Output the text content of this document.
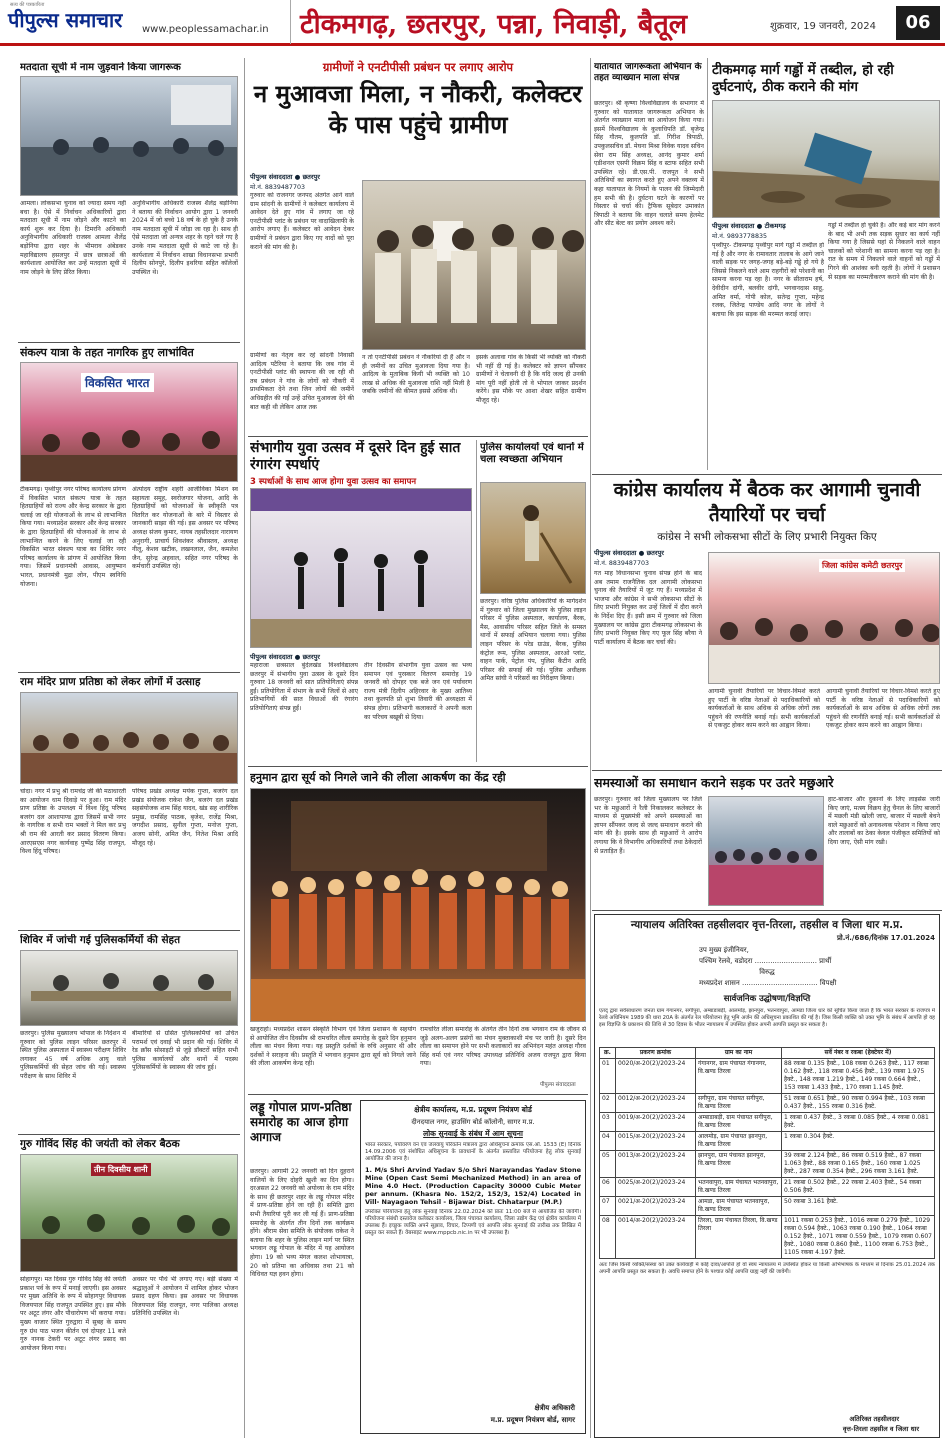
पीपुल्स समाचार
सत्य की पत्रकारिता
www.peoplessamachar.in टीकमगढ़, छतरपुर, पन्ना, निवाड़ी, बैतूल	शुक्रवार, 19 जनवरी, 2024	06
मतदाता सूची में नाम जुड़वाने किया जागरूक
आमला। लोकसभा चुनाव को ज्यादा समय नहीं बचा है। ऐसे में निर्वाचन अधिकारियों द्वारा मतदाता सूची में नाम जोड़ने और काटने का कार्य शुरू कर दिया है। टिमरनि अधिकारी अनुविभागीय अधिकारी राजस्व आमला शैलेंद्र बड़ोनिया द्वारा शहर के भीमराव अंबेडकर महाविद्यालय हसलपुर में छात्र छात्राओं की कार्यशाला आयोजित कर उन्हें मतदाता सूची में नाम जोड़ने के लिए प्रेरित किया।
अनुविभागीय अधिकारी राजस्व शैलेंद्र बड़ोनिया ने बताया की निर्वाचन आयोग द्वारा 1 जनवरी 2024 में जो बच्चे 18 वर्ष के हो चुके है उनके नाम मतदाता सूची में जोड़ा जा रहा है। साथ ही ऐसे मतदाता जो अन्यत्र शहर के रहने चले गए है उनके नाम मतदाता सूची से काटे जा रहे है। कार्यशाला में निर्वाचन शाखा विधानसभा प्रभारी दिलीप सोनपुरे, दिलीप इथरिया सहित कॉलेजों उपस्थित थे।
संकल्प यात्रा के तहत नागरिक हुए लाभांवित
विकसित भारत
टीकमगढ़। पृथ्वीपुर नगर परिषद कार्यालय प्रांगण में विकसित भारत संकल्प यात्रा के तहत हितग्राहियों को राज्य और केन्द्र सरकार के द्वारा चलाई जा रही योजनाओं के लाभ से लाभान्वित किया गया। मध्यप्रदेश सरकार और केन्द्र सरकार के द्वारा हितग्राहियों की योजनाओं के लाभ से लाभान्वित करने के लिए चलाई जा रही विकसित भारत संकल्प यात्रा का शिविर नगर परिषद कार्यालय के प्रांगण में आयोजित किया गया। जिसमें प्रधानमंत्री आवास, आयुष्मान भारत, प्रधानमंत्री मुद्रा लोन, पीएम स्वनिधि योजना।
अंत्योदय राष्ट्रीय शहरी आजीविका मिशन स्व सहायता समूह, स्वरोजगार योजना, आदि के हितग्राहियों को योजनाओं के स्वीकृति पत्र वितरित कर योजनाओं के बारे में विस्तार से जानकारी साझा की गई। इस अवसर पर परिषद अध्यक्ष संजय कुमार, नायब तहसीलदार नारायण अनुरागी, प्राचार्य शिवशंकर श्रीवास्तव, अध्यक्ष नीलू, केशव खटीक, लखनलाल, जैन, कमलेश जैन, सुरेन्द्र अहवाल, सहित नगर परिषद के कर्मचारी उपस्थित रहे।
राम मंदिर प्राण प्रतिष्ठा को लेकर लोगों में उत्साह
चांदा। नगर में प्रभु श्री रामचंद्र जी की मठाधारती का आयोजन धाम दिवाड़े पर हुआ। राम मंदिर प्राण प्रतिष्ठा के उपलक्ष्य में विश्व हिंदू परिषद बजरंग दल आशापाण्ड द्वारा जिसमें सभी नगर के नागरिक व सभी राम भक्तों ने मिल कर प्रभु श्री राम की आरती कर प्रसाद वितरण किया। आरएसएस नगर कार्यवाह पुष्पेंद्र सिंह राजपूत, विश्व हिंदू परिषद।
परिषद प्रखंड अध्यक्ष मयंक गुप्ता, बजरंग दल प्रखंड संयोजक राकेश जैन, बजरंग दल प्रखंड सहसंयोजक शाम सिंह यादव, खंड सह शारीरिक प्रमुख, रामसिंह पाठक, बृजेश, राजेंद्र मिश्रा, जगदीश प्रसाद, सुनील गुप्ता, मनोज गुप्ता, अजय सोनी, अमित जैन, नितेश मिश्रा आदि मौजूद रहे।
शिविर में जांची गई पुलिसकर्मियों की सेहत
छतरपुर। पुलिस मुख्यालय भोपाल के निर्देशन में गुरुवार को पुलिस लाइन परिसर छतरपुर में स्थित पुलिस अस्पताल में स्वास्थ्य परीक्षण शिविर लगाकर 45 वर्ष अधिक आयु वाले पुलिसकर्मियों की सेहत जांच की गई। स्वास्थ्य परीक्षण के साथ शिविर में
बीमारियों से ग्रसित पुलिसकर्मियों को उचित परामर्श एवं दवाई भी प्रदान की गई। शिविर में रेड क्रॉस सोसाइटी से जुड़े डॉक्टरों सहित सभी पुलिस कार्यालयों और थानों में पदस्थ पुलिसकर्मियों के स्वास्थ्य की जांच हुई।
गुरु गोविंद सिंह की जयंती को लेकर बैठक
तीन दिवसीय शानी
सोहागपुर। मत दिवस गुरु गोविंद सिंह की जयंती प्रकाश पर्व के रूप में मनाई जाएगी। इस अवसर पर मुख्य अतिथि के रूप में सोहागपुर विधायक विजयपाल सिंह राजपूत उपस्थित हुए। इस मौके पर अटूट लंगर और पौधारोपण भी कराया गया। मुख्य वाजार स्थित गुरुद्वारा में सुबह के समय गुरु ग्रंथ पाठ भजन कीर्तन एवं दोपहर 11 बजे गुरु नानक टेकरी पर अटूट लंगर प्रसाद का आयोजन किया गया।
अवसर पर पौधे भी लगाए गए। बड़ी संख्या में श्रद्धालुओं ने आयोजन में शामिल होकर भोजन प्रसाद ग्रहण किया। इस अवसर पर विधायक विजयपाल सिंह राजपूत, नगर पालिका अध्यक्ष प्रतिनिधि उपस्थित थे।
ग्रामीणों ने एनटीपीसी प्रबंधन पर लगाए आरोप
न मुआवजा मिला, न नौकरी, कलेक्टर के पास पहुंचे ग्रामीण
पीपुल्स संवाददाता ● छतरपुर
मो.नं. 8839487703
गुरुवार को राजनगर जनपद अंतर्गत आने वाले ग्राम सांदनी के ग्रामीणों ने कलेक्टर कार्यालय में आवेदन देते हुए गांव में लगाए जा रहे एनटीपीसी प्लांट के प्रबंधन पर वादाखिलाफी के आरोप लगाए हैं। कलेक्टर को आवेदन देकर ग्रामीणों ने प्रबंधन द्वारा किए गए वादों को पूरा कराने की मांग की है।
न तो एनटीपीसी प्रबंधन ने नौकरियां दी हैं और न ही जमीनों का उचित मुआवजा दिया गया है। आदित्य के मुताबिक कियी भी व्यक्ति को 10 लाख से अधिक की मुआवजा राशि नहीं मिली है जबकि जमीनों की कीमत इससे अधिक थी।
इसके अलावा गांव के किसी भी व्यक्ति को नौकरी भी नहीं दी गई है। कलेक्टर को ज्ञापन सौंपकर ग्रामीणों ने चेतावनी दी है कि यदि जल्द ही उनकी मांग पूरी नहीं होती तो वे भोपाल जाकर प्रदर्शन करेंगे। इस मौके पर आशा शेखर सहित ग्रामीण मौजूद रहे।
ग्रामीणों का नेतृत्व कर रहे सांदनी निवासी आदित्य पटैरिया ने बताया कि जब गांव में एनटीपीसी प्लांट की स्थापना की जा रही थी तब प्रबंधन ने गांव के लोगों को नौकरी में प्राथमिकता देने तथा जिन लोगों की जमीनें अधिग्रहीत की गईं उन्हें उचित मुआवजा देने की बात कही थी लेकिन आज तक
संभागीय युवा उत्सव में दूसरे दिन हुई सात रंगारंग स्पर्धाएं
3 स्पर्धाओं के साथ आज होगा युवा उत्सव का समापन
पीपुल्स संवाददाता ● छतरपुर
महाराजा छत्रसाल बुंदेलखंड विश्वविद्यालय छतरपुर में संभागीय युवा उत्सव के दूसरे दिन गुरुवार 18 जनवरी को सात प्रतियोगिताएं संपन्न हुईं। प्रतियोगिता में संभाग के सभी जिलों से आए प्रतिभागियों की सात विधाओं की रंगारंग प्रतियोगिताएं संपन्न हुईं।
तीन दिवसीय संभागीय युवा उत्सव का भव्य समापन एवं पुरस्कार वितरण समारोह 19 जनवरी को दोपहर एक बजे जन एवं पर्यावरण राज्य मंत्री दिलीप अहिरवार के मुख्य आतिथ्य तथा कुलपति प्रो शुभा तिवारी की अध्यक्षता में संपन्न होगा। प्रतिभागी कलाकारों ने अपनी कला का परिचय बखूबी से दिया।
पुलिस कार्यालयों एवं थानों में चला स्वच्छता अभियान
छतरपुर। वरिष्ठ पुलिस अधिकारियों के मार्गदर्शन में गुरुवार को जिला मुख्यालय के पुलिस लाइन परिसर में पुलिस अस्पताल, कार्यालय, बैरक, मैस, आवासीय परिसर सहित जिले के समस्त थानों में सफाई अभियान चलाया गया। पुलिस लाइन परिसर के परेड ग्राउंड, बैरक, पुलिस कंट्रोल रूम, पुलिस अस्पताल, आरओ प्लांट, वाहन पार्क, पेट्रोल पंप, पुलिस कैंटीन आदि परिसर की सफाई की गई। पुलिस अधीक्षक अमित सांघी ने परिसरों का निरीक्षण किया।
हनुमान द्वारा सूर्य को निगले जाने की लीला आकर्षण का केंद्र रही
खजुराहो। मध्यप्रदेश शासन संस्कृति विभाग एवं जिला प्रशासन के सहयोग से आयोजित तीन दिवसीय श्री रामचरित लीला समारोह के दूसरे दिन हनुमान लीला का मंचन किया गया। यह प्रस्तुति दर्शकों के रुचि अनुसार थी और दर्शकों ने सराहना की। प्रस्तुति में भगवान हनुमान द्वारा सूर्य को निगले जाने की लीला आकर्षण केन्द्र रही।
रामचरित लीला समारोह के अंतर्गत तीन दिनों तक भगवान राम के जीवन से जुड़े अलग-अलग प्रसंगों का मंचन मुक्ताकाशी मंच पर जारी है। दूसरे दिन लीला का समापन होने पर सभी कलाकारों का अभिनंदन महंत अध्यक्ष गौरव सिंह वर्मा एवं नगर परिषद उपाध्यक्ष प्रतिनिधि अजय राजपूत द्वारा किया गया।
पीपुल्स संवाददाता
लड्डू गोपाल प्राण-प्रतिष्ठा समारोह का आज होगा आगाज
छतरपुर। आगामी 22 जनवरी को दिन दुहराने वालियों के लिए दोहरी खुशी का दिन होगा। दरअसल 22 जनवरी को अयोध्या के राम मंदिर के साथ ही छतरपुर शहर के लड्डू गोपाल मंदिर में प्राण-प्रतिष्ठा होने जा रही है। समिति द्वारा सभी तैयारियां पूरी कर ली गई हैं। प्राण-प्रतिष्ठा समारोह के अंतर्गत तीन दिनों तक कार्यक्रम होंगे। श्रीराम सेवा समिति के संयोजक राकेश ने बताया कि शहर के पुलिस लाइन मार्ग पर स्थित भगवान लड्डू गोपाल के मंदिर में यह आयोजन होगा। 19 को भव्य मंगल कलश शोभायात्रा, 20 को प्रतिमा का अधिवास तथा 21 को विधिवत यज्ञ हवन होगा।
क्षेत्रीय कार्यालय, म.प्र. प्रदूषण नियंत्रण बोर्ड
दीनदयाल नगर, हाउसिंग बोर्ड कॉलोनी, सागर म.प्र.
लोक सुनवाई के संबंध में आम सूचना
भारत सरकार, पर्यावरण वन एवं जलवायु परिवर्तन मंत्रालय द्वारा अधिसूचना क्रमांक एस.ओ. 1533 (E) दिनांक 14.09.2006 एवं संशोधित अधिसूचना के प्रावधानों के अंतर्गत प्रस्तावित परियोजना हेतु लोक सुनवाई आयोजित की जाना है।
1. M/s Shri Arvind Yadav S/o Shri Narayandas Yadav Stone Mine (Open Cast Semi Mechanized Method) in an area of Mine 4.0 Hect. (Production Capacity 30000 Cubic Meter per annum. (Khasra No. 152/2, 152/3, 152/4) Located in Vill- Nayagaon Tehsil - Bijawar Dist. Chhatarpur (M.P.)
उपरोक्त परियोजना हेतु लोक सुनवाई दिनांक 22.02.2024 को प्रातः 11:00 बजे से आयोजित की जावेगी। परियोजना संबंधी दस्तावेज कलेक्टर कार्यालय, जिला पंचायत कार्यालय, जिला उद्योग केंद्र एवं क्षेत्रीय कार्यालय में उपलब्ध हैं। इच्छुक व्यक्ति अपने सुझाव, विचार, टिप्पणी एवं आपत्ति लोक सुनवाई की तारीख तक लिखित में प्रस्तुत कर सकते हैं। वेबसाइट www.mppcb.nic.in पर भी उपलब्ध है।
क्षेत्रीय अधिकारी
म.प्र. प्रदूषण नियंत्रण बोर्ड, सागर
यातायात जागरूकता अभियान के तहत व्याख्यान माला संपन्न
छतरपुर। श्री कृष्णा विश्वविद्यालय के सभागार में गुरुवार को यातायात जागरूकता अभियान के अंतर्गत व्याख्यान माला का आयोजन किया गया। इसमें विश्वविद्यालय के कुलाधिपति डॉ. बृजेन्द्र सिंह गौतम, कुलपति डॉ. गिरीश त्रिपाठी, उपकुलसचिव डॉ. मेघना मिश्रा विवेक यादव सचिन सेवा राम सिंह अध्यक्ष, आनंद कुमार शर्मा एडीशनल एसपी विक्रम सिंह व स्टाफ सहित सभी उपस्थित रहे। डी.एस.पी. राजपूत ने सभी अतिथियों का स्वागत करते हुए अपने वक्तव्य में कहा यातायात के नियमों के पालन की जिम्मेदारी हम सभी की है। दुर्घटना घटने के कारणों पर विस्तार से चर्चा की। ट्रैफिक सूबेदार उमाकांत त्रिपाठी ने बताया कि वाहन चलाते समय हेलमेट और सीट बेल्ट का प्रयोग अवश्य करें।
टीकमगढ़ मार्ग गड्ढों में तब्दील, हो रही दुर्घटनाएं, ठीक कराने की मांग
पीपुल्स संवाददाता ● टीकमगढ़
मो.नं. 9893778835
पृथ्वीपुर- टीकमगढ़ पृथ्वीपुर मार्ग गड्ढों में तब्दील हो गई है और नगर के रामावतार तालाब के आगे जाने वाली सड़क पर जगह-जगह बड़े-बड़े गड्ढे हो गये है जिससे निकलने वाले आम राहगीरों को परेशानी का सामना करना पड़ रहा है। नगर के सीताराम हर्ष, देवीदीन दांगी, बलवीर दांगी, भगवानदास साहू, अमित वर्मा, गोपी कोल, सतेन्द्र गुप्ता, महेन्द्र रजक, जितेन्द्र पाण्डेय आदि नगर के लोगों ने बताया कि इस सड़क की मरम्मत कराई जाए।
गड्ढों में तब्दील हो चुकी है। और कई बार मांग करने के बाद भी अभी तक सड़क सुधार का कार्य नहीं किया गया है जिससे यहां से निकलने वाले वाहन चालकों को परेशानी का सामना करना पड़ रहा है। रात के समय में निकलने वाले वाहनों को गड्ढों में गिरने की आशंका बनी रहती है। लोगों ने प्रशासन से सड़क का मरम्मतीकरण कराने की मांग की है।
कांग्रेस कार्यालय में बैठक कर आगामी चुनावी तैयारियों पर चर्चा
कांग्रेस ने सभी लोकसभा सीटों के लिए प्रभारी नियुक्त किए
पीपुल्स संवाददाता ● छतरपुर
मो.नं. 8839487703
गत माह विधानसभा चुनाव संपन्न होने के बाद अब तमाम राजनैतिक दल आगामी लोकसभा चुनाव की तैयारियों में जुट गए हैं। मध्यप्रदेश में भाजपा और कांग्रेस ने सभी लोकसभा सीटों के लिए प्रभारी नियुक्त कर उन्हें जिलों में दौरा करने के निर्देश दिए हैं। इसी क्रम में गुरुवार को जिला मुख्यालय पर कांग्रेस द्वारा टीकमगढ़ लोकसभा के लिए प्रभारी नियुक्त किए गए फूल सिंह बरैया ने पार्टी कार्यालय में बैठक कर चर्चा की।
जिला कांग्रेस कमेटी छतरपुर
आगामी चुनावी तैयारियों पर विचार-विमर्श करते हुए पार्टी के वरिष्ठ नेताओं से पदाधिकारियों को कार्यकर्ताओं के साथ अधिक से अधिक लोगों तक पहुंचने की रणनीति बनाई गई। सभी कार्यकर्ताओं से एकजुट होकर काम करने का आह्वान किया।
आगामी चुनावी तैयारियों पर विचार-विमर्श करते हुए पार्टी के वरिष्ठ नेताओं से पदाधिकारियों को कार्यकर्ताओं के साथ अधिक से अधिक लोगों तक पहुंचने की रणनीति बनाई गई। सभी कार्यकर्ताओं से एकजुट होकर काम करने का आह्वान किया।
समस्याओं का समाधान कराने सड़क पर उतरे मछुआरे
छतरपुर। गुरुवार को जिला मुख्यालय पर जिले भर के मछुआरों ने रैली निकालकर कलेक्टर के माध्यम से मुख्यमंत्री को अपने समस्याओं का ज्ञापन सौंपकर जल्द से जल्द समाधान कराने की मांग की है। इसके साथ ही मछुआरों ने आरोप लगाया कि वे विभागीय अधिकारियों तथा ठेकेदारों से प्रताड़ित हैं।
हाट-बाजार और दुकानों के लिए लाइसेंस जारी किए जाएं, मत्स्य विक्रय हेतु चैनल के लिए बाजारों में मछली मंडी खोली जाए, बाजार में मछली बेचने वाले मछुआरों को अनावश्यक परेशान न किया जाए और तालाबों का ठेका केवल पंजीकृत समितियों को दिया जाए, ऐसी मांग रखी।
न्यायालय अतिरिक्त तहसीलदार वृत्त-तिरला, तहसील व जिला धार म.प्र.
प्रो.नं./686/दिनांक 17.01.2024
उप मुख्य इंजीनियर,
पश्चिम रेलवे, वडोदरा ............................ प्रार्थी
विरुद्ध
मध्यप्रदेश शासन .................................. विपक्षी
सार्वजनिक उद्घोषणा/विज्ञप्ति
एतद् द्वारा सर्वसाधारण जनता ग्राम गंगानगर, सगीपुरा, अम्बाडाबड़ी, आलमोड़, झानपुरा, भतनवापुरा, आमडा जिला धार को सूचित किया जाता है कि भारत सरकार के राजपत्र में रेलवे अधिनियम 1989 की धारा 20A के अंतर्गत रेल परियोजना हेतु भूमि अर्जन की अधिसूचना प्रकाशित की गई है। जिस किसी व्यक्ति को उक्त भूमि के संबंध में आपत्ति हो वह इस विज्ञप्ति के प्रकाशन की तिथि से 30 दिवस के भीतर न्यायालय में उपस्थित होकर अपनी आपत्ति प्रस्तुत कर सकता है।
क्र.	प्रकरण क्रमांक	ग्राम का नाम	सर्वे नंबर व रकबा (हेक्टेयर में)
01	0020/अ-20(2)/2023-24	गंगानगर, ग्राम पंचायत गंगानगर, वि.खण्ड तिरला	88 रकबा 0.135 हैक्टे., 108 रकबा 0.263 हैक्टे., 117 रकबा 0.162 हैक्टे., 118 रकबा 0.456 हैक्टे., 139 रकबा 1.975 हैक्टे., 148 रकबा 1.219 हैक्टे., 149 रकबा 0.664 हैक्टे., 153 रकबा 1.433 हैक्टे., 170 रकबा 1.145 हैक्टे.
02	0012/अ-20(2)/2023-24	सगीपुरा, ग्राम पंचायत सगीपुरा, वि.खण्ड तिरला	51 रकबा 0.651 हैक्टे., 90 रकबा 0.994 हैक्टे., 103 रकबा 0.437 हैक्टे., 155 रकबा 0.316 हैक्टे.
03	0019/अ-20(2)/2023-24	अम्बाडाबड़ी, ग्राम पंचायत सगीपुरा, वि.खण्ड तिरला	1 रकबा 0.437 हैक्टे., 3 रकबा 0.085 हैक्टे., 4 रकबा 0.081 हैक्टे.
04	0015/अ-20(2)/2023-24	आलमोड़, ग्राम पंचायत झानपुरा, वि.खण्ड तिरला	1 रकबा 0.304 हैक्टे.
05	0013/अ-20(2)/2023-24	झानपुरा, ग्राम पंचायत झानपुरा, वि.खण्ड तिरला	39 रकबा 2.124 हैक्टे., 86 रकबा 0.519 हैक्टे., 87 रकबा 1.063 हैक्टे., 88 रकबा 0.165 हैक्टे., 160 रकबा 1.025 हैक्टे., 287 रकबा 0.354 हैक्टे., 296 रकबा 3.161 हैक्टे.
06	0025/अ-20(2)/2023-24	भतनवापुरा, ग्राम पंचायत भतनवापुरा, वि.खण्ड तिरला	21 रकबा 0.502 हैक्टे., 22 रकबा 2.403 हैक्टे., 54 रकबा 0.506 हैक्टे.
07	0021/अ-20(2)/2023-24	आमडा, ग्राम पंचायत भतनवापुरा, वि.खण्ड तिरला	50 रकबा 3.161 हैक्टे.
08	0014/अ-20(2)/2023-24	तिरला, ग्राम पंचायत तिरला, वि.खण्ड तिरला	1011 रकबा 0.253 हैक्टे., 1016 रकबा 0.279 हैक्टे., 1029 रकबा 0.594 हैक्टे., 1063 रकबा 0.190 हैक्टे., 1064 रकबा 0.152 हैक्टे., 1071 रकबा 0.559 हैक्टे., 1079 रकबा 0.607 हैक्टे., 1080 रकबा 0.860 हैक्टे., 1100 रकबा 6.753 हैक्टे., 1105 रकबा 4.197 हैक्टे.
अतः जिस किसी व्यक्ति/संस्था को उक्त कार्यवाही में कोई दावा/आपत्ति हो वो स्वयं न्यायालय में उपस्थित होकर या किसी अभिभाषक के माध्यम से दिनांक 25.01.2024 तक अपनी आपत्ति प्रस्तुत कर सकता है। अवधि समाप्त होने के पश्चात कोई आपत्ति ग्राह्य नहीं की जावेगी।
अतिरिक्त तहसीलदार
वृत्त-तिरला तहसील व जिला धार
